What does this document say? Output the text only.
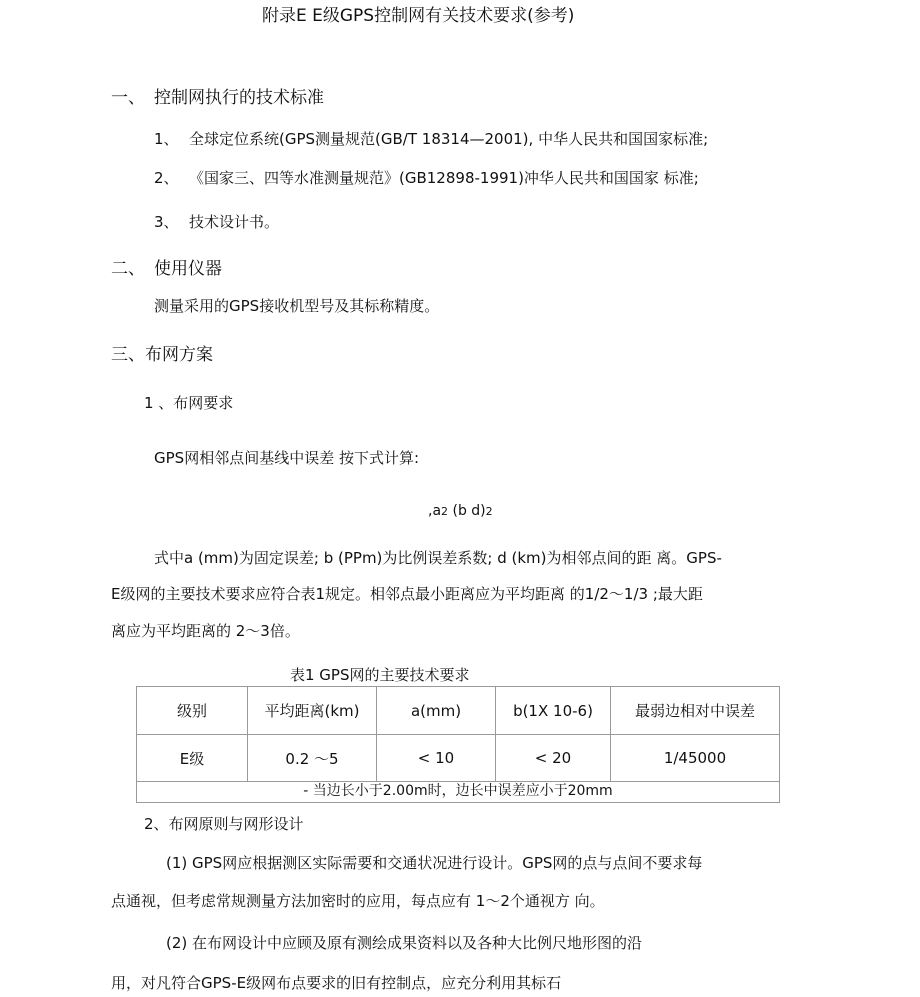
附录E E级GPS控制网有关技术要求(参考)
一、 控制网执行的技术标准
1、 全球定位系统(GPS测量规范(GB/T 18314—2001), 中华人民共和国国家标准;
2、 《国家三、四等水准测量规范》(GB12898-1991)冲华人民共和国国家 标准;
3、 技术设计书。
二、 使用仪器
测量采用的GPS接收机型号及其标称精度。
三、布网方案
1 、布网要求
GPS网相邻点间基线中误差 按下式计算:
,a2 (b d)2
式中a (mm)为固定误差; b (PPm)为比例误差系数; d (km)为相邻点间的距 离。GPS-
E级网的主要技术要求应符合表1规定。相邻点最小距离应为平均距离 的1/2～1/3 ;最大距
离应为平均距离的 2～3倍。
表1 GPS网的主要技术要求
级别	平均距离(km)	a(mm)	b(1X 10-6)	最弱边相对中误差
E级	0.2 ～5	< 10	< 20	1/45000
- 当边长小于2.00m时，边长中误差应小于20mm				
2、布网原则与网形设计
(1) GPS网应根据测区实际需要和交通状况进行设计。GPS网的点与点间不要求每
点通视，但考虑常规测量方法加密时的应用，每点应有 1～2个通视方 向。
(2) 在布网设计中应顾及原有测绘成果资料以及各种大比例尺地形图的沿
用，对凡符合GPS-E级网布点要求的旧有控制点，应充分利用其标石
